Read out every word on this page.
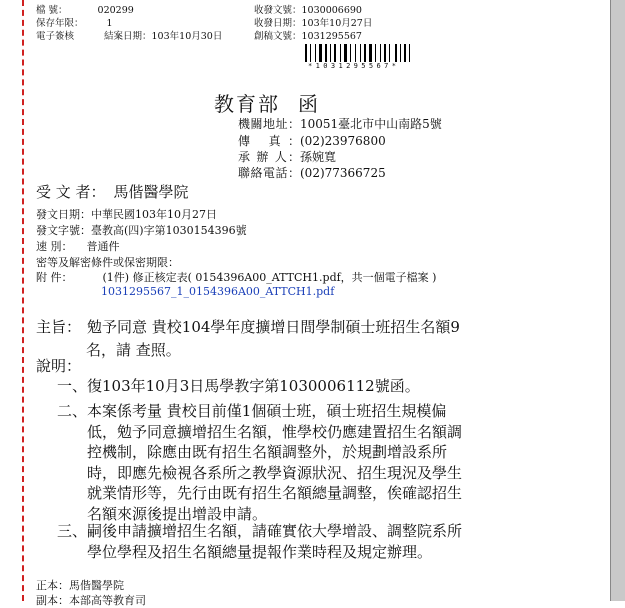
檔 號：	020299
保存年限： 1
電子簽核	結案日期：103年10月30日
收發文號：1030006690
收發日期：103年10月27日
創稿文號：1031295567
*1031295567*
教育部 函
機關地址：10051臺北市中山南路5號
傳 真：(02)23976800
承 辦 人：孫婉寬
聯絡電話：(02)77366725
受 文 者： 馬偕醫學院
發文日期：中華民國103年10月27日
發文字號：臺教高(四)字第1030154396號
速 別： 普通件
密等及解密條件或保密期限：
附 件：	(1件) 修正核定表( 0154396A00_ATTCH1.pdf，共一個電子檔案 )
1031295567_1_0154396A00_ATTCH1.pdf
主旨： 勉予同意 貴校104學年度擴增日間學制碩士班招生名額9
名，請 查照。
說明：
一、復103年10月3日馬學教字第1030006112號函。
二、本案係考量 貴校目前僅1個碩士班，碩士班招生規模偏
低，勉予同意擴增招生名額，惟學校仍應建置招生名額調
控機制，除應由既有招生名額調整外，於規劃增設系所
時，即應先檢視各系所之教學資源狀況、招生現況及學生
就業情形等，先行由既有招生名額總量調整，俟確認招生
名額來源後提出增設申請。
三、嗣後申請擴增招生名額，請確實依大學增設、調整院系所
學位學程及招生名額總量提報作業時程及規定辦理。
正本：馬偕醫學院
副本：本部高等教育司
